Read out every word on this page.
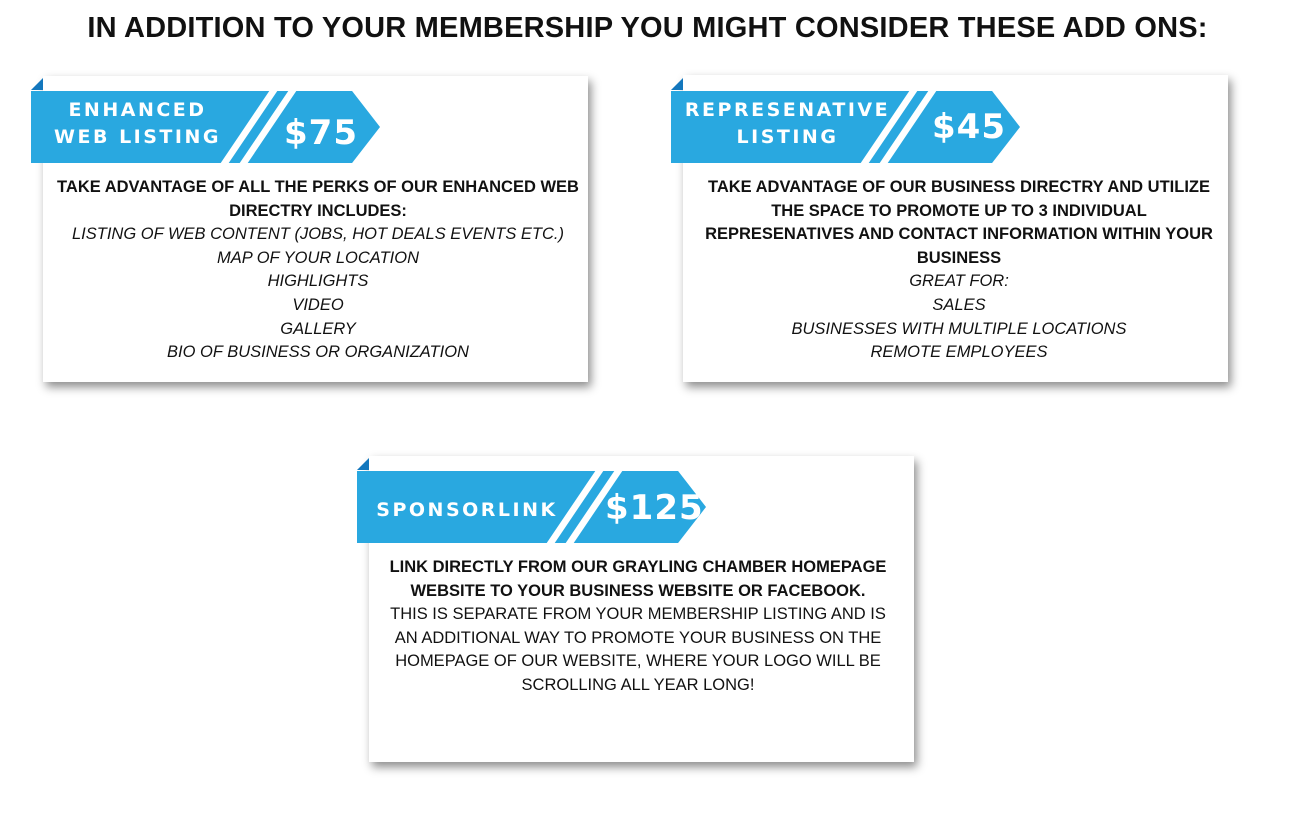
IN ADDITION TO YOUR MEMBERSHIP YOU MIGHT CONSIDER THESE ADD ONS:
ENHANCED
WEB LISTING	$75
TAKE ADVANTAGE OF ALL THE PERKS OF OUR ENHANCED WEB DIRECTRY INCLUDES:
LISTING OF WEB CONTENT (JOBS, HOT DEALS EVENTS ETC.)
MAP OF YOUR LOCATION
HIGHLIGHTS
VIDEO
GALLERY
BIO OF BUSINESS OR ORGANIZATION
REPRESENATIVE
LISTING	$45
TAKE ADVANTAGE OF OUR BUSINESS DIRECTRY AND UTILIZE THE SPACE TO PROMOTE UP TO 3 INDIVIDUAL REPRESENATIVES AND CONTACT INFORMATION WITHIN YOUR BUSINESS
GREAT FOR:
SALES
BUSINESSES WITH MULTIPLE LOCATIONS
REMOTE EMPLOYEES
SPONSORLINK $125
LINK DIRECTLY FROM OUR GRAYLING CHAMBER HOMEPAGE WEBSITE TO YOUR BUSINESS WEBSITE OR FACEBOOK.
THIS IS SEPARATE FROM YOUR MEMBERSHIP LISTING AND IS AN ADDITIONAL WAY TO PROMOTE YOUR BUSINESS ON THE HOMEPAGE OF OUR WEBSITE, WHERE YOUR LOGO WILL BE SCROLLING ALL YEAR LONG!
